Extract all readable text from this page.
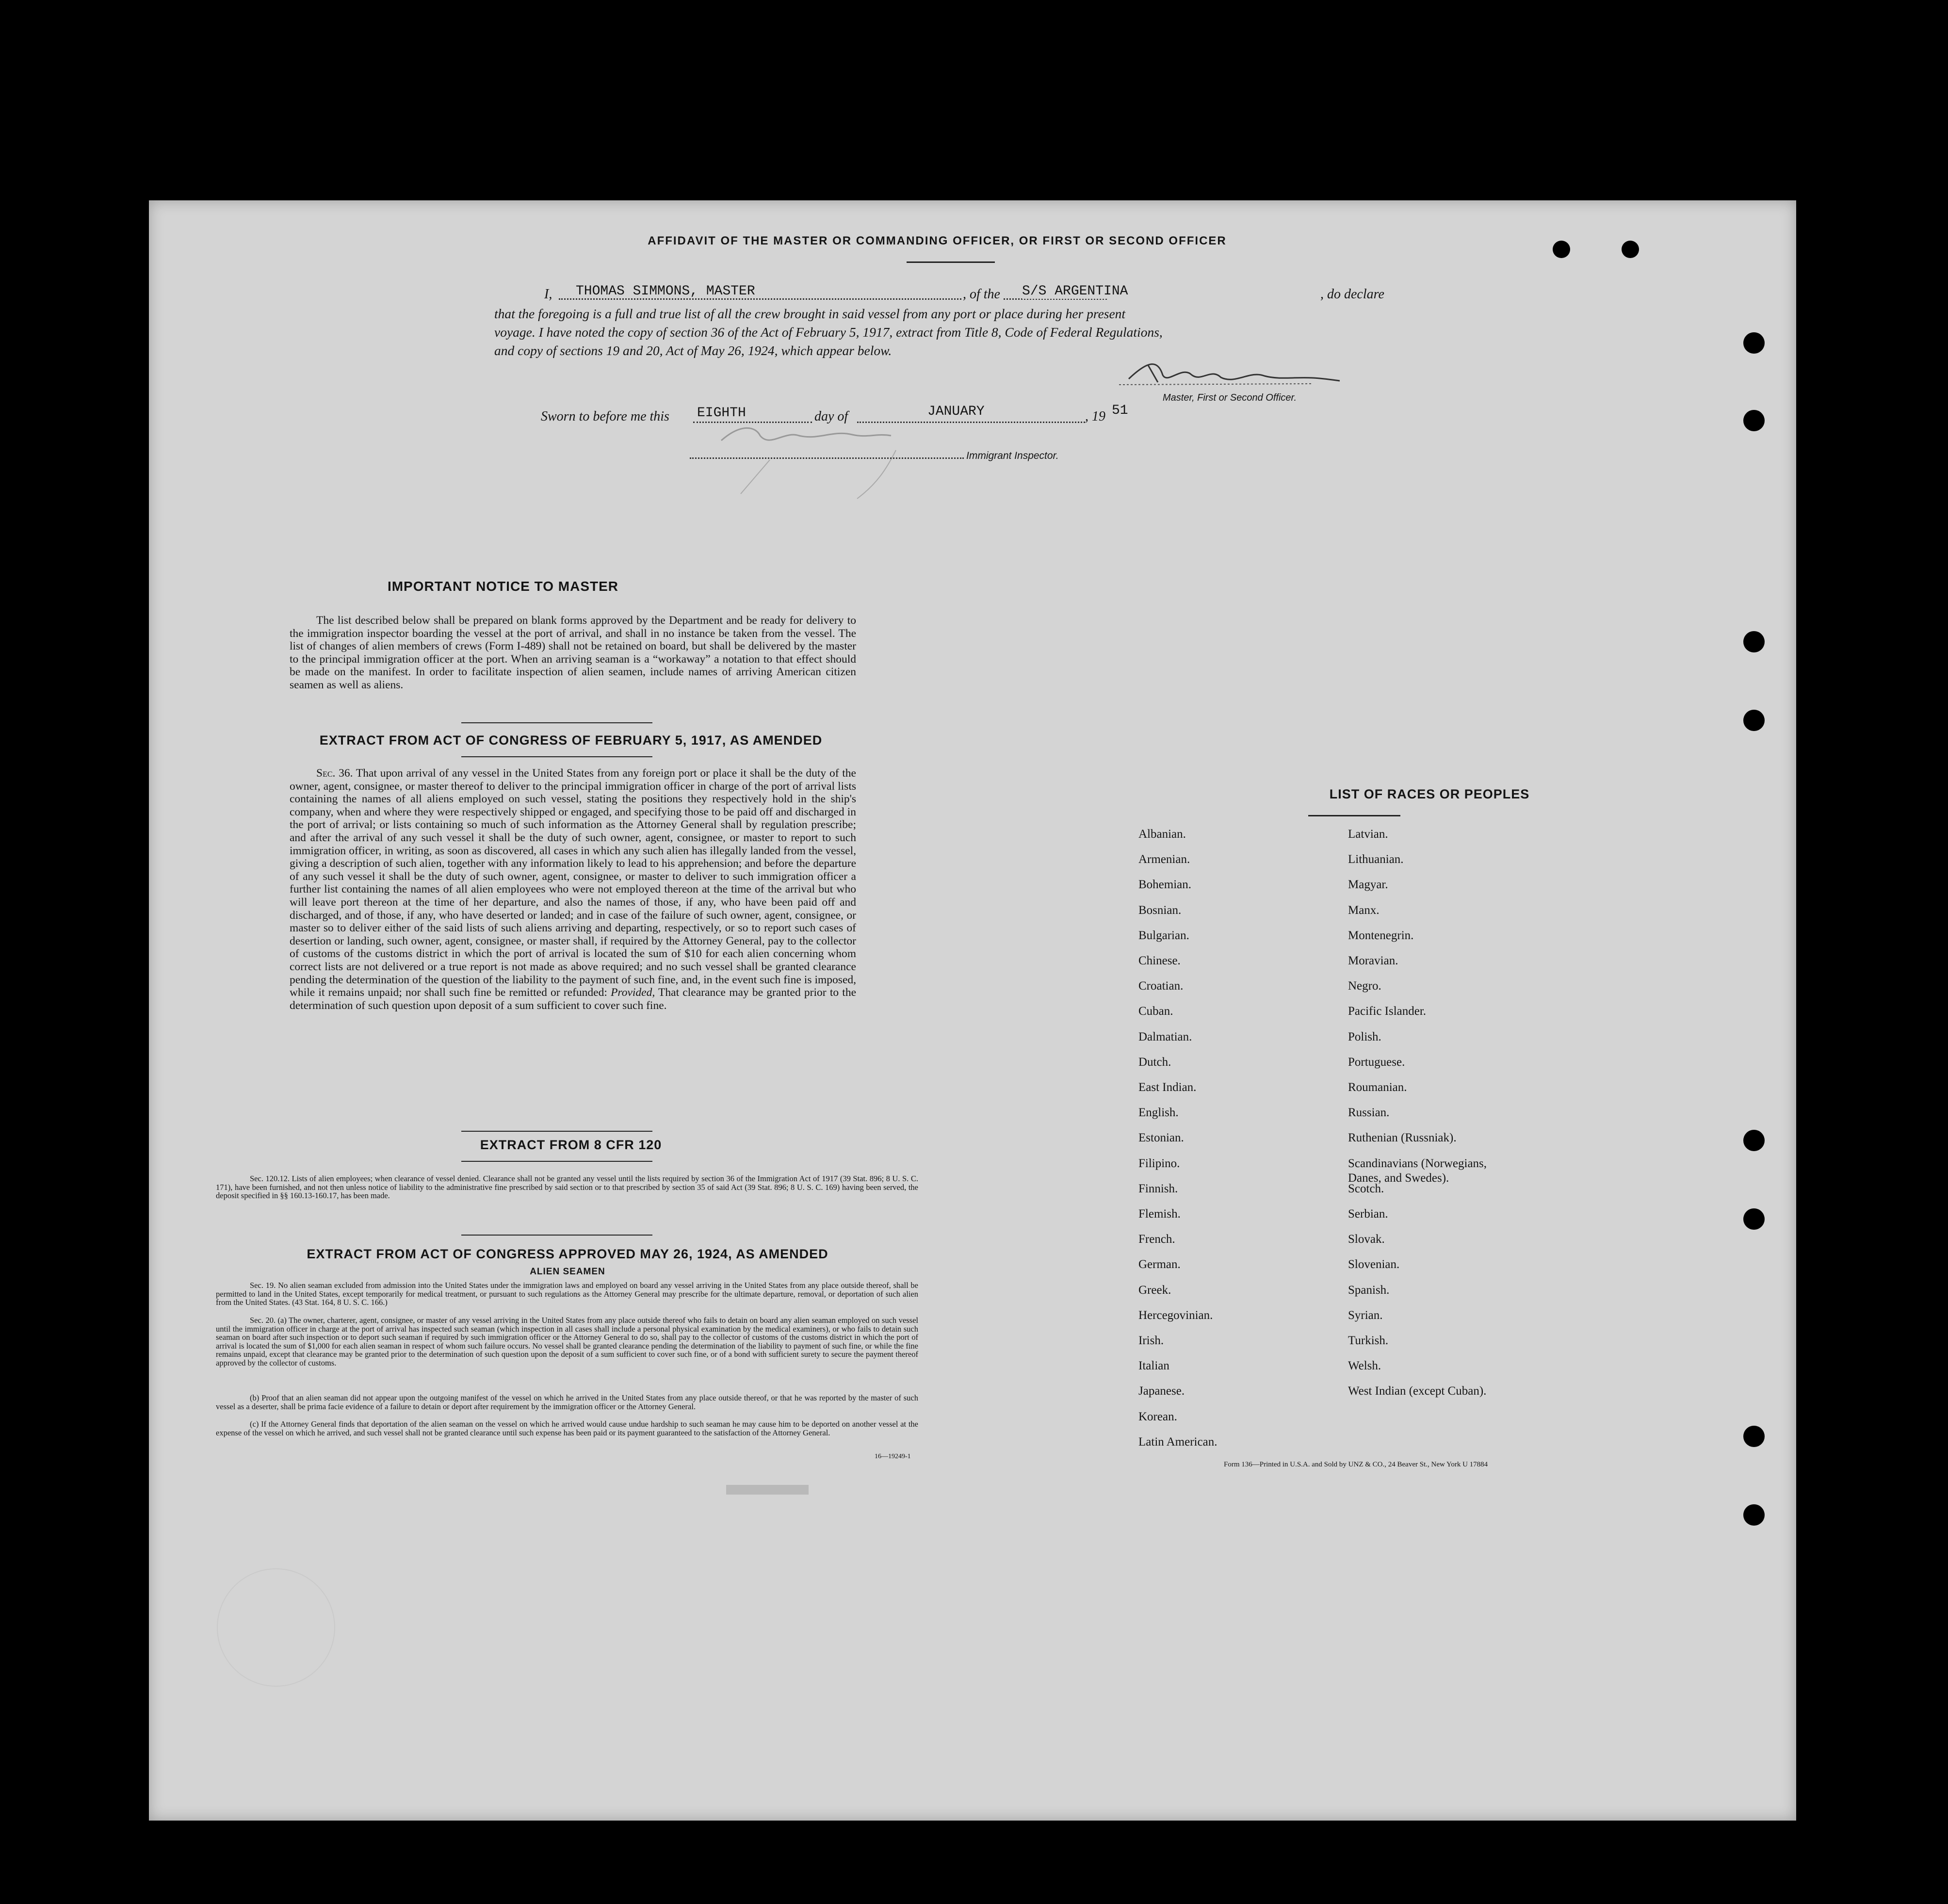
AFFIDAVIT OF THE MASTER OR COMMANDING OFFICER, OR FIRST OR SECOND OFFICER
I, THOMAS SIMMONS, MASTER	, of the S/S ARGENTINA	, do declare
that the foregoing is a full and true list of all the crew brought in said vessel from any port or place during her present
voyage. I have noted the copy of section 36 of the Act of February 5, 1917, extract from Title 8, Code of Federal Regulations,
and copy of sections 19 and 20, Act of May 26, 1924, which appear below.
Master, First or Second Officer.
Sworn to before me this EIGHTH	day of	JANUARY	, 19 51
Immigrant Inspector.
IMPORTANT NOTICE TO MASTER
The list described below shall be prepared on blank forms approved by the Department and be ready for delivery to the immigration inspector boarding the vessel at the port of arrival, and shall in no instance be taken from the vessel. The list of changes of alien members of crews (Form I-489) shall not be retained on board, but shall be delivered by the master to the principal immigration officer at the port. When an arriving seaman is a “workaway” a notation to that effect should be made on the manifest. In order to facilitate inspection of alien seamen, include names of arriving American citizen seamen as well as aliens.
EXTRACT FROM ACT OF CONGRESS OF FEBRUARY 5, 1917, AS AMENDED
Sec. 36. That upon arrival of any vessel in the United States from any foreign port or place it shall be the duty of the owner, agent, consignee, or master thereof to deliver to the principal immigration officer in charge of the port of arrival lists containing the names of all aliens employed on such vessel, stating the positions they respectively hold in the ship's company, when and where they were respectively shipped or engaged, and specifying those to be paid off and discharged in the port of arrival; or lists containing so much of such information as the Attorney General shall by regulation prescribe; and after the arrival of any such vessel it shall be the duty of such owner, agent, consignee, or master to report to such immigration officer, in writing, as soon as discovered, all cases in which any such alien has illegally landed from the vessel, giving a description of such alien, together with any information likely to lead to his apprehension; and before the departure of any such vessel it shall be the duty of such owner, agent, consignee, or master to deliver to such immigration officer a further list containing the names of all alien employees who were not employed thereon at the time of the arrival but who will leave port thereon at the time of her departure, and also the names of those, if any, who have been paid off and discharged, and of those, if any, who have deserted or landed; and in case of the failure of such owner, agent, consignee, or master so to deliver either of the said lists of such aliens arriving and departing, respectively, or so to report such cases of desertion or landing, such owner, agent, consignee, or master shall, if required by the Attorney General, pay to the collector of customs of the customs district in which the port of arrival is located the sum of $10 for each alien concerning whom correct lists are not delivered or a true report is not made as above required; and no such vessel shall be granted clearance pending the determination of the question of the liability to the payment of such fine, and, in the event such fine is imposed, while it remains unpaid; nor shall such fine be remitted or refunded: Provided, That clearance may be granted prior to the determination of such question upon deposit of a sum sufficient to cover such fine.
EXTRACT FROM 8 CFR 120
Sec. 120.12. Lists of alien employees; when clearance of vessel denied. Clearance shall not be granted any vessel until the lists required by section 36 of the Immigration Act of 1917 (39 Stat. 896; 8 U. S. C. 171), have been furnished, and not then unless notice of liability to the administrative fine prescribed by said section or to that prescribed by section 35 of said Act (39 Stat. 896; 8 U. S. C. 169) having been served, the deposit specified in §§ 160.13-160.17, has been made.
EXTRACT FROM ACT OF CONGRESS APPROVED MAY 26, 1924, AS AMENDED
ALIEN SEAMEN
Sec. 19. No alien seaman excluded from admission into the United States under the immigration laws and employed on board any vessel arriving in the United States from any place outside thereof, shall be permitted to land in the United States, except temporarily for medical treatment, or pursuant to such regulations as the Attorney General may prescribe for the ultimate departure, removal, or deportation of such alien from the United States. (43 Stat. 164, 8 U. S. C. 166.)
Sec. 20. (a) The owner, charterer, agent, consignee, or master of any vessel arriving in the United States from any place outside thereof who fails to detain on board any alien seaman employed on such vessel until the immigration officer in charge at the port of arrival has inspected such seaman (which inspection in all cases shall include a personal physical examination by the medical examiners), or who fails to detain such seaman on board after such inspection or to deport such seaman if required by such immigration officer or the Attorney General to do so, shall pay to the collector of customs of the customs district in which the port of arrival is located the sum of $1,000 for each alien seaman in respect of whom such failure occurs. No vessel shall be granted clearance pending the determination of the liability to payment of such fine, or while the fine remains unpaid, except that clearance may be granted prior to the determination of such question upon the deposit of a sum sufficient to cover such fine, or of a bond with sufficient surety to secure the payment thereof approved by the collector of customs.
(b) Proof that an alien seaman did not appear upon the outgoing manifest of the vessel on which he arrived in the United States from any place outside thereof, or that he was reported by the master of such vessel as a deserter, shall be prima facie evidence of a failure to detain or deport after requirement by the immigration officer or the Attorney General.
(c) If the Attorney General finds that deportation of the alien seaman on the vessel on which he arrived would cause undue hardship to such seaman he may cause him to be deported on another vessel at the expense of the vessel on which he arrived, and such vessel shall not be granted clearance until such expense has been paid or its payment guaranteed to the satisfaction of the Attorney General.
16—19249-1
LIST OF RACES OR PEOPLES
Form 136—Printed in U.S.A. and Sold by UNZ & CO., 24 Beaver St., New York U 17884
Albanian.
Armenian.
Bohemian.
Bosnian.
Bulgarian.
Chinese.
Croatian.
Cuban.
Dalmatian.
Dutch.
East Indian.
English.
Estonian.
Filipino.
Finnish.
Flemish.
French.
German.
Greek.
Hercegovinian.
Irish.
Italian
Japanese.
Korean.
Latin American.
Latvian.
Lithuanian.
Magyar.
Manx.
Montenegrin.
Moravian.
Negro.
Pacific Islander.
Polish.
Portuguese.
Roumanian.
Russian.
Ruthenian (Russniak).
Scandinavians (Norwegians,
Danes, and Swedes).
Scotch.
Serbian.
Slovak.
Slovenian.
Spanish.
Syrian.
Turkish.
Welsh.
West Indian (except Cuban).
